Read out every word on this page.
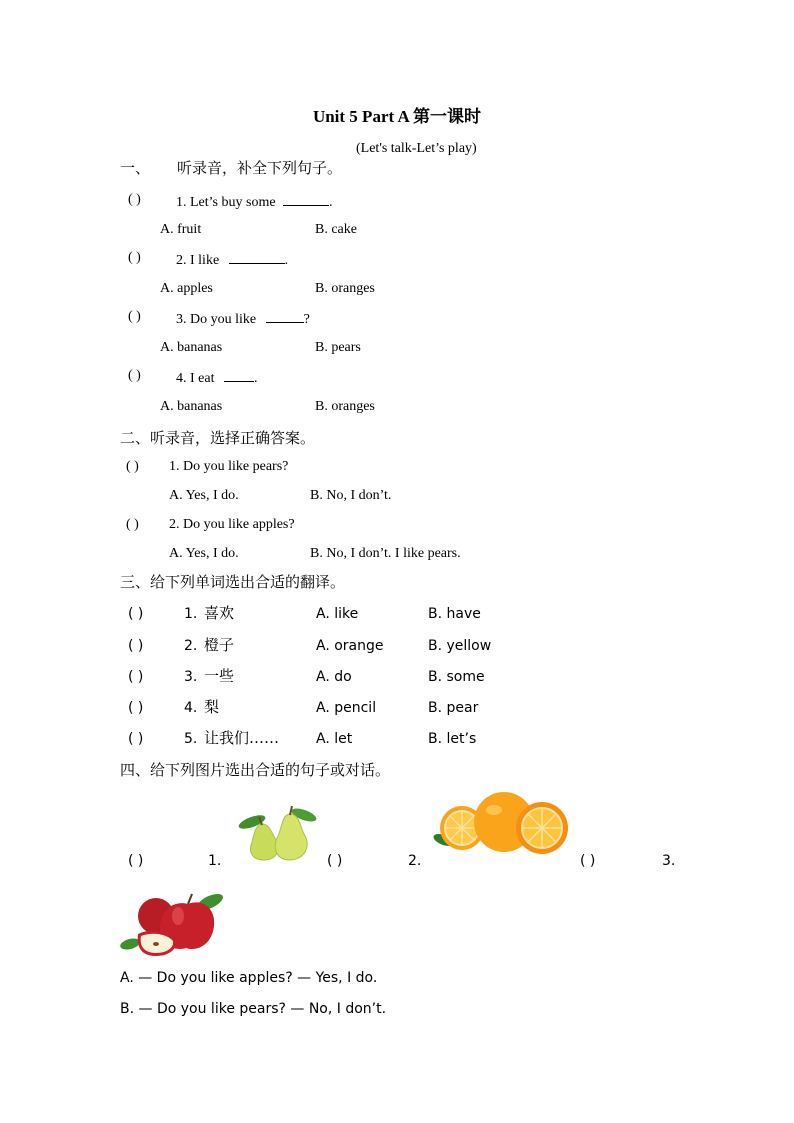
Unit 5 Part A 第一课时
(Let's talk-Let’s play)
一、 听录音，补全下列句子。
( )	1. Let’s buy some	.
A. fruit	B. cake
( )	2. I like	.
A. apples	B. oranges
( )	3. Do you like	?
A. bananas	B. pears
( )	4. I eat	.
A. bananas	B. oranges
二、听录音，选择正确答案。
( ) 1. Do you like pears?
A. Yes, I do.	B. No, I don’t.
( ) 2. Do you like apples?
A. Yes, I do.	B. No, I don’t. I like pears.
三、给下列单词选出合适的翻译。
( )	1. 喜欢	A. like	B. have
( )	2. 橙子	A. orange	B. yellow
( )	3. 一些	A. do	B. some
( )	4. 梨	A. pencil	B. pear
( )	5. 让我们……	A. let	B. let’s
四、给下列图片选出合适的句子或对话。
( )	1.	( )	2.	( )	3.
A. — Do you like apples? — Yes, I do.
B. — Do you like pears? — No, I don’t.
